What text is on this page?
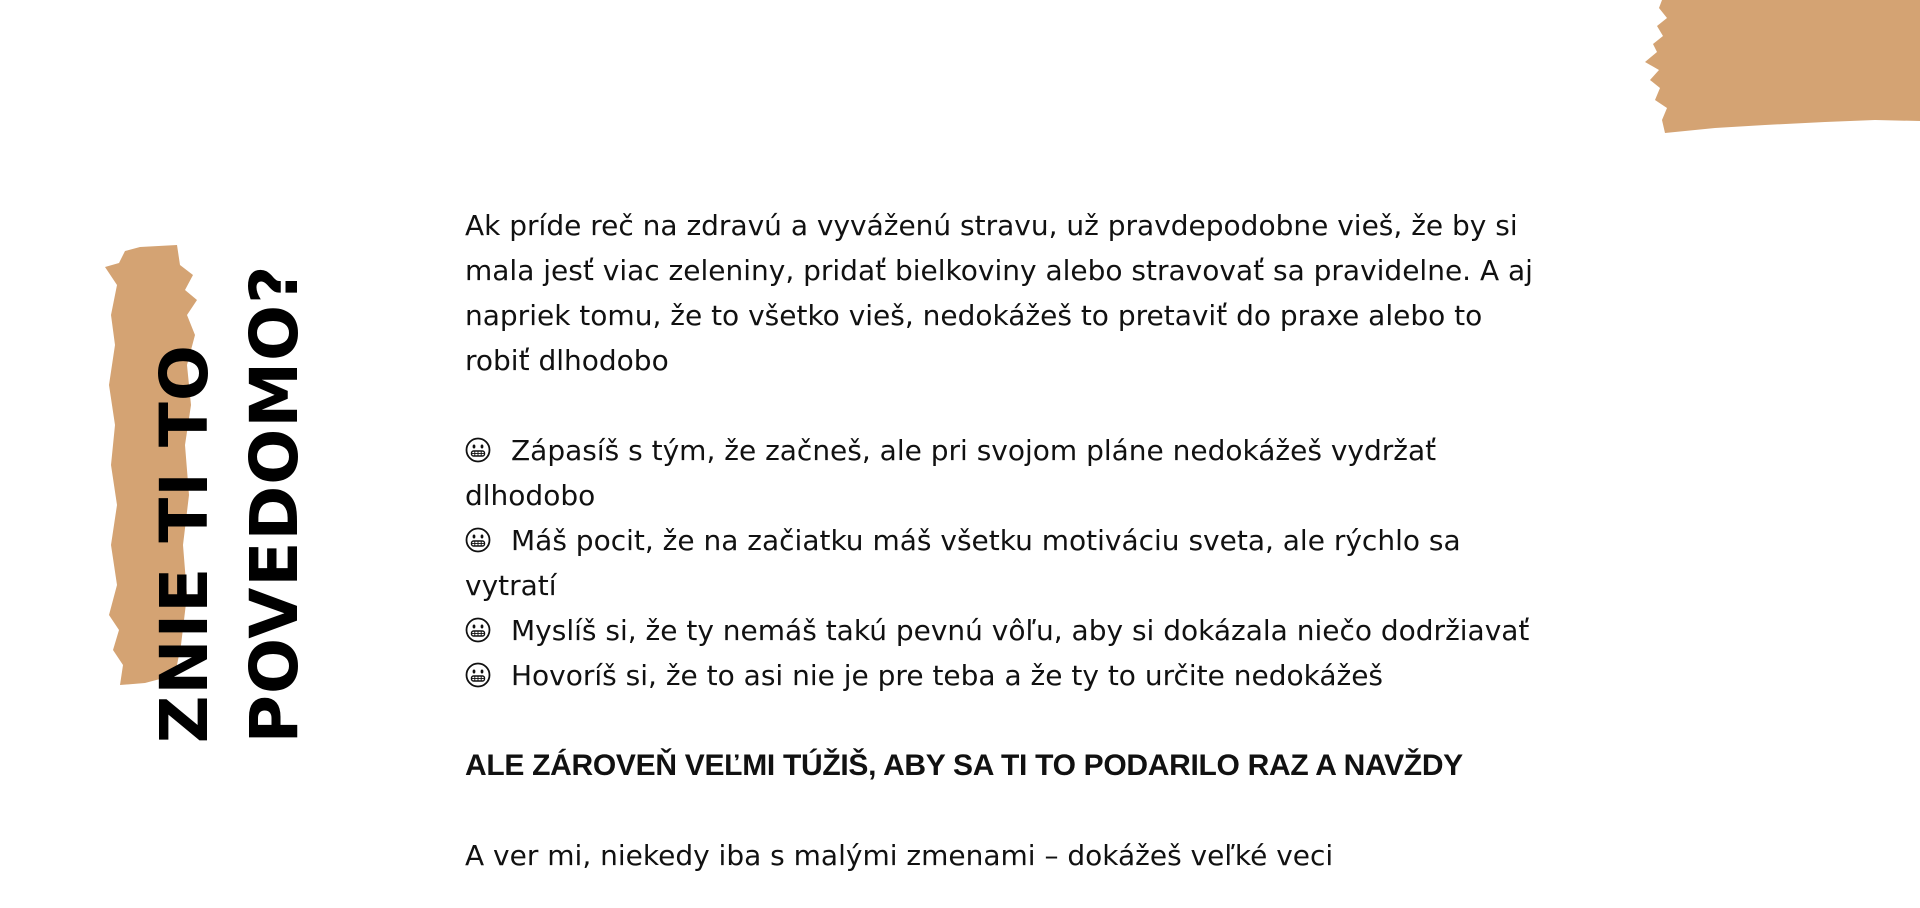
ZNIE TI TO POVEDOMO?

Ak príde reč na zdravú a vyváženú stravu, už pravdepodobne vieš, že by si mala jesť viac zeleniny, pridať bielkoviny alebo stravovať sa pravidelne. A aj napriek tomu, že to všetko vieš, nedokážeš to pretaviť do praxe alebo to robiť dlhodobo

Zápasíš s tým, že začneš, ale pri svojom pláne nedokážeš vydržať dlhodobo
Máš pocit, že na začiatku máš všetku motiváciu sveta, ale rýchlo sa vytratí
Myslíš si, že ty nemáš takú pevnú vôľu, aby si dokázala niečo dodržiavať
Hovoríš si, že to asi nie je pre teba a že ty to určite nedokážeš

ALE ZÁROVEŇ VEĽMI TÚŽIŠ, ABY SA TI TO PODARILO RAZ A NAVŽDY

A ver mi, niekedy iba s malými zmenami – dokážeš veľké veci
